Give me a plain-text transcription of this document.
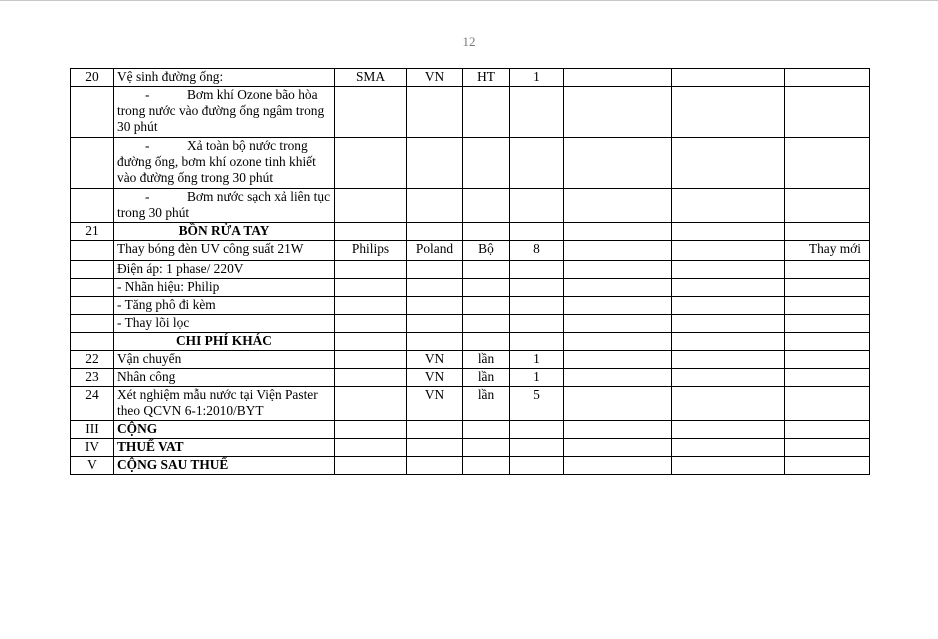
12
20	Vệ sinh đường ống:	SMA	VN	HT	1			
	- Bơm khí Ozone bão hòa trong nước vào đường ống ngâm trong 30 phút							
	- Xả toàn bộ nước trong đường ống, bơm khí ozone tinh khiết vào đường ống trong 30 phút							
	- Bơm nước sạch xả liên tục trong 30 phút							
21	BỒN RỬA TAY							
	Thay bóng đèn UV công suất 21W	Philips	Poland	Bộ	8			Thay mới
	Điện áp: 1 phase/ 220V							
	- Nhãn hiệu: Philip							
	- Tăng phô đi kèm							
	- Thay lõi lọc							
	CHI PHÍ KHÁC							
22	Vận chuyển		VN	lần	1			
23	Nhân công		VN	lần	1			
24	Xét nghiệm mẫu nước tại Viện Paster theo QCVN 6-1:2010/BYT		VN	lần	5			
III	CỘNG							
IV	THUẾ VAT							
V	CỘNG SAU THUẾ							
